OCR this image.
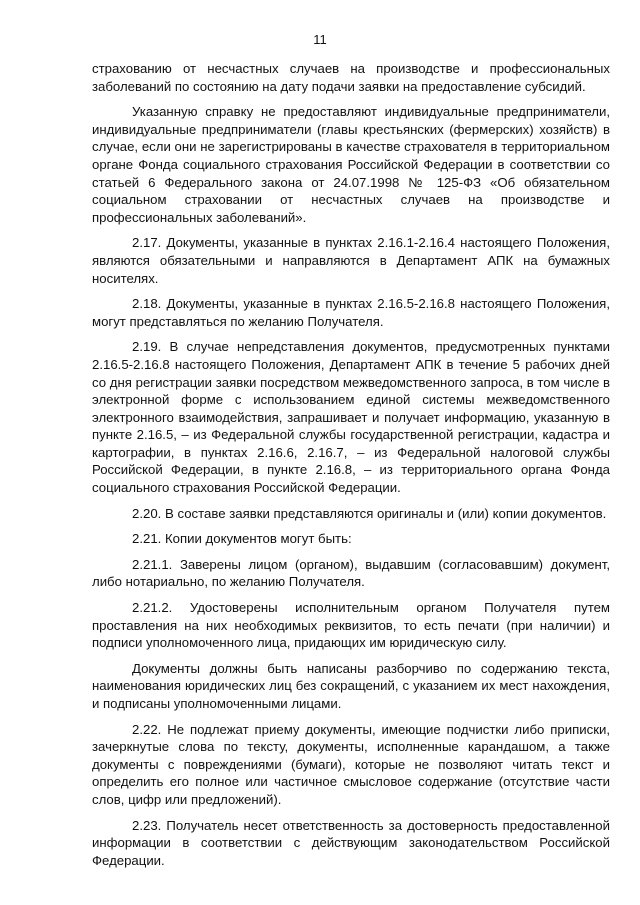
11

страхованию от несчастных случаев на производстве и профессиональных заболеваний по состоянию на дату подачи заявки на предоставление субсидий.

Указанную справку не предоставляют индивидуальные предприниматели, индивидуальные предприниматели (главы крестьянских (фермерских) хозяйств) в случае, если они не зарегистрированы в качестве страхователя в территориальном органе Фонда социального страхования Российской Федерации в соответствии со статьей 6 Федерального закона от 24.07.1998 № 125-ФЗ «Об обязательном социальном страховании от несчастных случаев на производстве и профессиональных заболеваний».

2.17. Документы, указанные в пунктах 2.16.1-2.16.4 настоящего Положения, являются обязательными и направляются в Департамент АПК на бумажных носителях.

2.18. Документы, указанные в пунктах 2.16.5-2.16.8 настоящего Положения, могут представляться по желанию Получателя.

2.19. В случае непредставления документов, предусмотренных пунктами 2.16.5-2.16.8 настоящего Положения, Департамент АПК в течение 5 рабочих дней со дня регистрации заявки посредством межведомственного запроса, в том числе в электронной форме с использованием единой системы межведомственного электронного взаимодействия, запрашивает и получает информацию, указанную в пункте 2.16.5, – из Федеральной службы государственной регистрации, кадастра и картографии, в пунктах 2.16.6, 2.16.7, – из Федеральной налоговой службы Российской Федерации, в пункте 2.16.8, – из территориального органа Фонда социального страхования Российской Федерации.

2.20. В составе заявки представляются оригиналы и (или) копии документов.

2.21. Копии документов могут быть:

2.21.1. Заверены лицом (органом), выдавшим (согласовавшим) документ, либо нотариально, по желанию Получателя.

2.21.2. Удостоверены исполнительным органом Получателя путем проставления на них необходимых реквизитов, то есть печати (при наличии) и подписи уполномоченного лица, придающих им юридическую силу.

Документы должны быть написаны разборчиво по содержанию текста, наименования юридических лиц без сокращений, с указанием их мест нахождения, и подписаны уполномоченными лицами.

2.22. Не подлежат приему документы, имеющие подчистки либо приписки, зачеркнутые слова по тексту, документы, исполненные карандашом, а также документы с повреждениями (бумаги), которые не позволяют читать текст и определить его полное или частичное смысловое содержание (отсутствие части слов, цифр или предложений).

2.23. Получатель несет ответственность за достоверность предоставленной информации в соответствии с действующим законодательством Российской Федерации.
